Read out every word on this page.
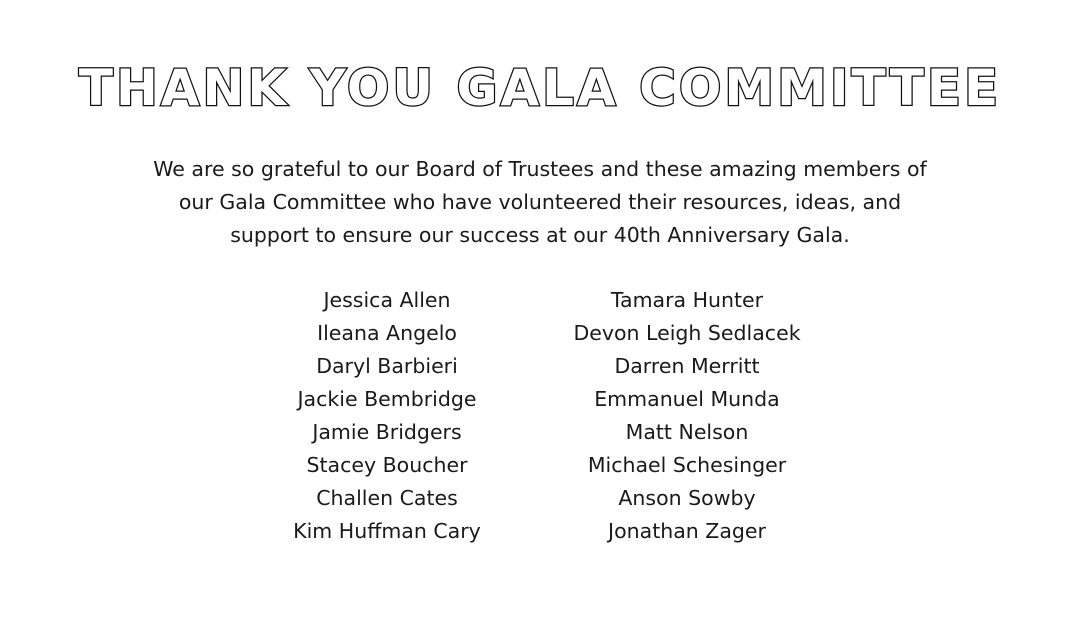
THANK YOU GALA COMMITTEE
We are so grateful to our Board of Trustees and these amazing members of
our Gala Committee who have volunteered their resources, ideas, and
support to ensure our success at our 40th Anniversary Gala.
Jessica Allen
Ileana Angelo
Daryl Barbieri
Jackie Bembridge
Jamie Bridgers
Stacey Boucher
Challen Cates
Kim Huffman Cary
Tamara Hunter
Devon Leigh Sedlacek
Darren Merritt
Emmanuel Munda
Matt Nelson
Michael Schesinger
Anson Sowby
Jonathan Zager
